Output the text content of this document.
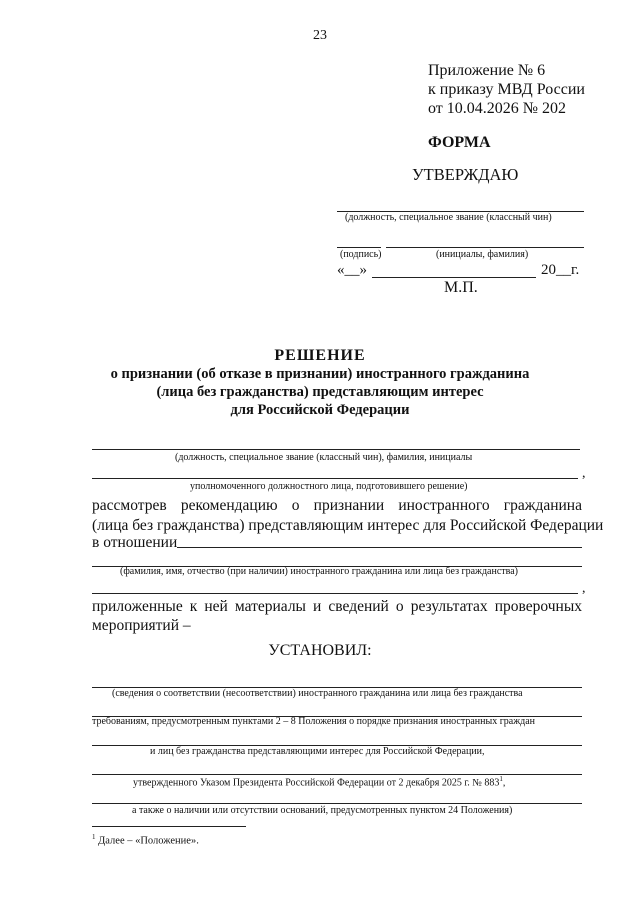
23
Приложение № 6
к приказу МВД России
от 10.04.2026 № 202
ФОРМА
УТВЕРЖДАЮ
(должность, специальное звание (классный чин)
(подпись)	(инициалы, фамилия)
«__»	20__г.
М.П.
РЕШЕНИЕ
о признании (об отказе в признании) иностранного гражданина
(лица без гражданства) представляющим интерес
для Российской Федерации
(должность, специальное звание (классный чин), фамилия, инициалы
,
уполномоченного должностного лица, подготовившего решение)
рассмотрев рекомендацию о признании иностранного гражданина
(лица без гражданства) представляющим интерес для Российской Федерации
в отношении
(фамилия, имя, отчество (при наличии) иностранного гражданина или лица без гражданства)
,
приложенные к ней материалы и сведений о результатах проверочных
мероприятий –
УСТАНОВИЛ:
(сведения о соответствии (несоответствии) иностранного гражданина или лица без гражданства
требованиям, предусмотренным пунктами 2 – 8 Положения о порядке признания иностранных граждан
и лиц без гражданства представляющими интерес для Российской Федерации,
утвержденного Указом Президента Российской Федерации от 2 декабря 2025 г. № $883^1$,
а также о наличии или отсутствии оснований, предусмотренных пунктом 24 Положения)
$^1$ Далее – «Положение».
